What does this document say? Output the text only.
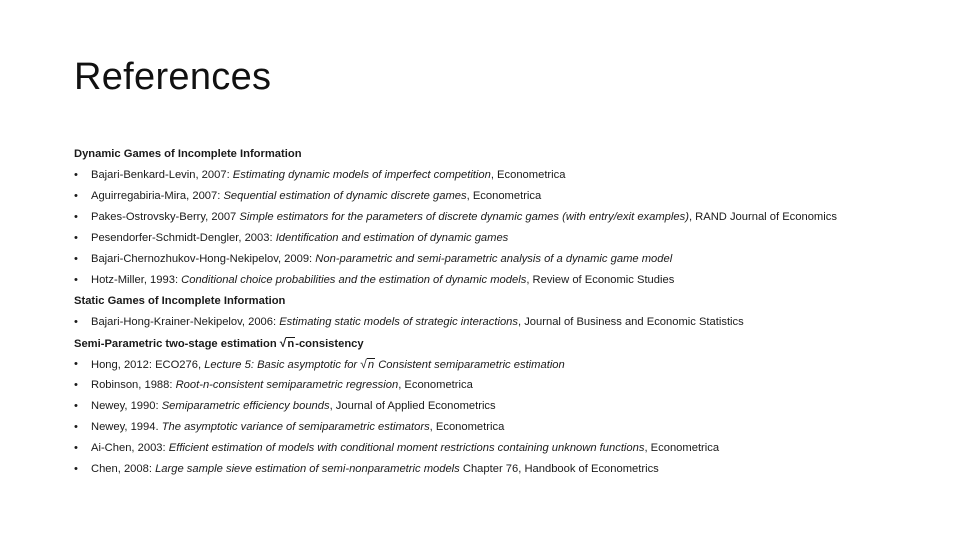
References
Dynamic Games of Incomplete Information
• Bajari-Benkard-Levin, 2007: Estimating dynamic models of imperfect competition, Econometrica
• Aguirregabiria-Mira, 2007: Sequential estimation of dynamic discrete games, Econometrica
• Pakes-Ostrovsky-Berry, 2007 Simple estimators for the parameters of discrete dynamic games (with entry/exit examples), RAND Journal of Economics
• Pesendorfer-Schmidt-Dengler, 2003: Identification and estimation of dynamic games
• Bajari-Chernozhukov-Hong-Nekipelov, 2009: Non-parametric and semi-parametric analysis of a dynamic game model
• Hotz-Miller, 1993: Conditional choice probabilities and the estimation of dynamic models, Review of Economic Studies
Static Games of Incomplete Information
• Bajari-Hong-Krainer-Nekipelov, 2006: Estimating static models of strategic interactions, Journal of Business and Economic Statistics
Semi-Parametric two-stage estimation √n-consistency
• Hong, 2012: ECO276, Lecture 5: Basic asymptotic for √n Consistent semiparametric estimation
• Robinson, 1988: Root-n-consistent semiparametric regression, Econometrica
• Newey, 1990: Semiparametric efficiency bounds, Journal of Applied Econometrics
• Newey, 1994. The asymptotic variance of semiparametric estimators, Econometrica
• Ai-Chen, 2003: Efficient estimation of models with conditional moment restrictions containing unknown functions, Econometrica
• Chen, 2008: Large sample sieve estimation of semi-nonparametric models Chapter 76, Handbook of Econometrics
